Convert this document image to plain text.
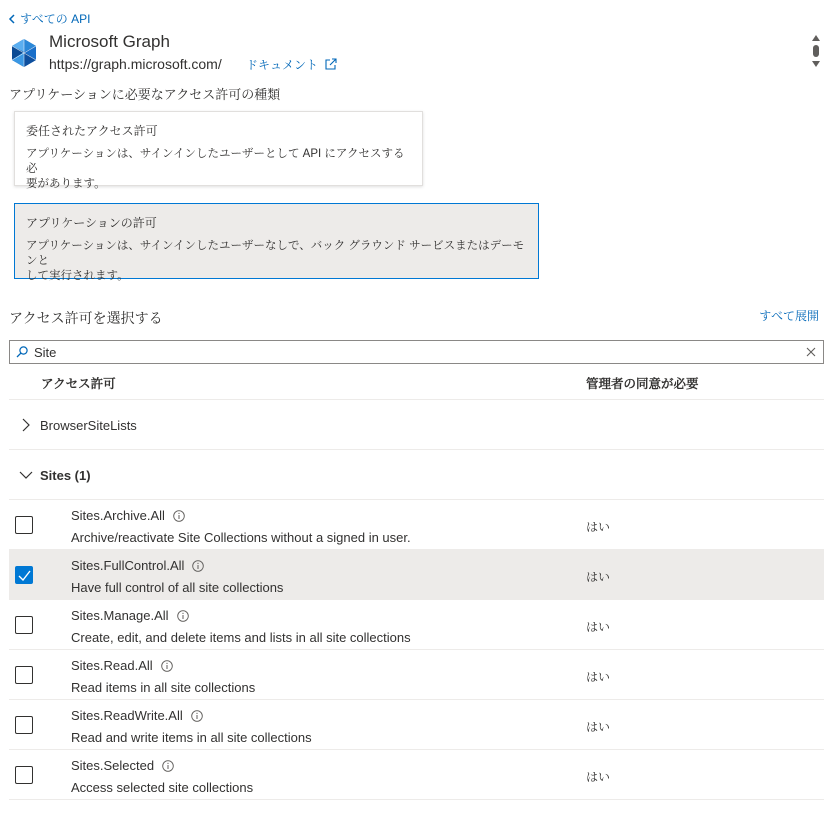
すべての API
Microsoft Graph
https://graph.microsoft.com/ ドキュメント
アプリケーションに必要なアクセス許可の種類
委任されたアクセス許可
アプリケーションは、サインインしたユーザーとして API にアクセスする必
要があります。
アプリケーションの許可
アプリケーションは、サインインしたユーザーなしで、バック グラウンド サービスまたはデーモンと
して実行されます。
アクセス許可を選択する	すべて展開
Site
アクセス許可	管理者の同意が必要
BrowserSiteLists
Sites (1)
Sites.Archive.All
Archive/reactivate Site Collections without a signed in user.
はい
Sites.FullControl.All
Have full control of all site collections
はい
Sites.Manage.All
Create, edit, and delete items and lists in all site collections
はい
Sites.Read.All
Read items in all site collections
はい
Sites.ReadWrite.All
Read and write items in all site collections
はい
Sites.Selected
Access selected site collections
はい
